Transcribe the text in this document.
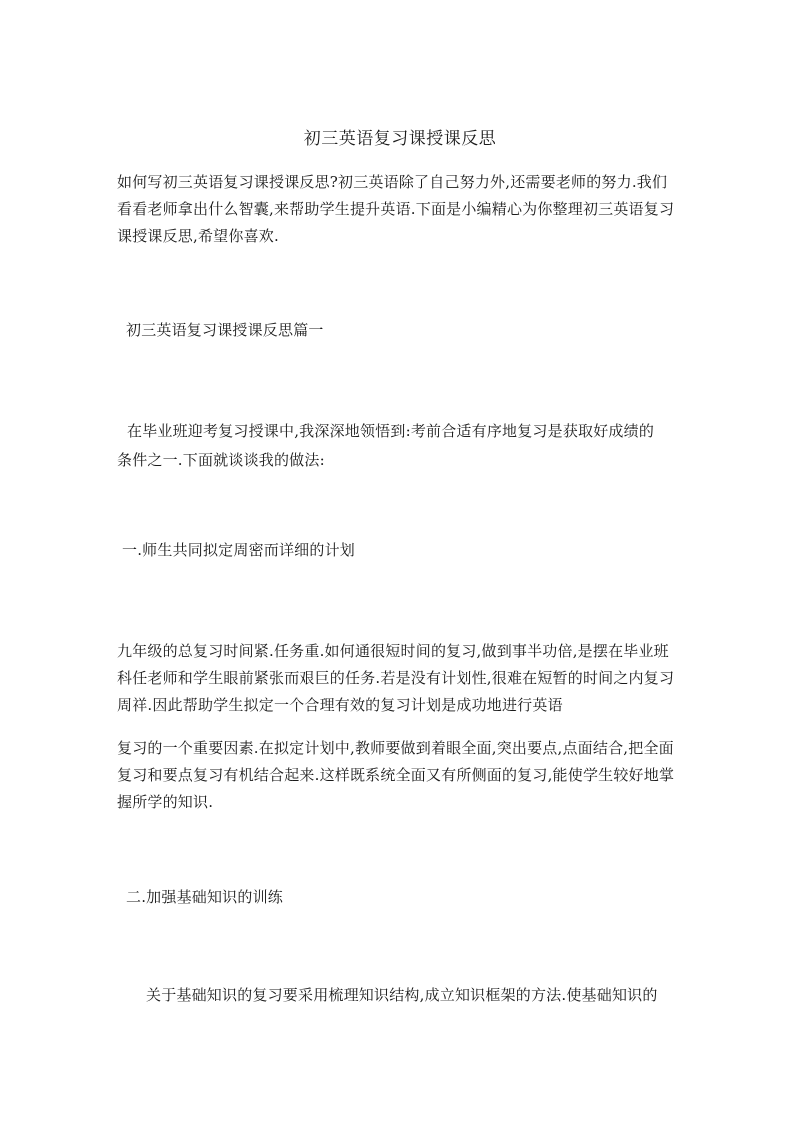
初三英语复习课授课反思
如何写初三英语复习课授课反思?初三英语除了自己努力外,还需要老师的努力.我们
看看老师拿出什么智囊,来帮助学生提升英语.下面是小编精心为你整理初三英语复习
课授课反思,希望你喜欢.
初三英语复习课授课反思篇一
在毕业班迎考复习授课中,我深深地领悟到:考前合适有序地复习是获取好成绩的
条件之一.下面就谈谈我的做法:
一.师生共同拟定周密而详细的计划
九年级的总复习时间紧.任务重.如何通很短时间的复习,做到事半功倍,是摆在毕业班
科任老师和学生眼前紧张而艰巨的任务.若是没有计划性,很难在短暂的时间之内复习
周祥.因此帮助学生拟定一个合理有效的复习计划是成功地进行英语
复习的一个重要因素.在拟定计划中,教师要做到着眼全面,突出要点,点面结合,把全面
复习和要点复习有机结合起来.这样既系统全面又有所侧面的复习,能使学生较好地掌
握所学的知识.
二.加强基础知识的训练
关于基础知识的复习要采用梳理知识结构,成立知识框架的方法.使基础知识的
